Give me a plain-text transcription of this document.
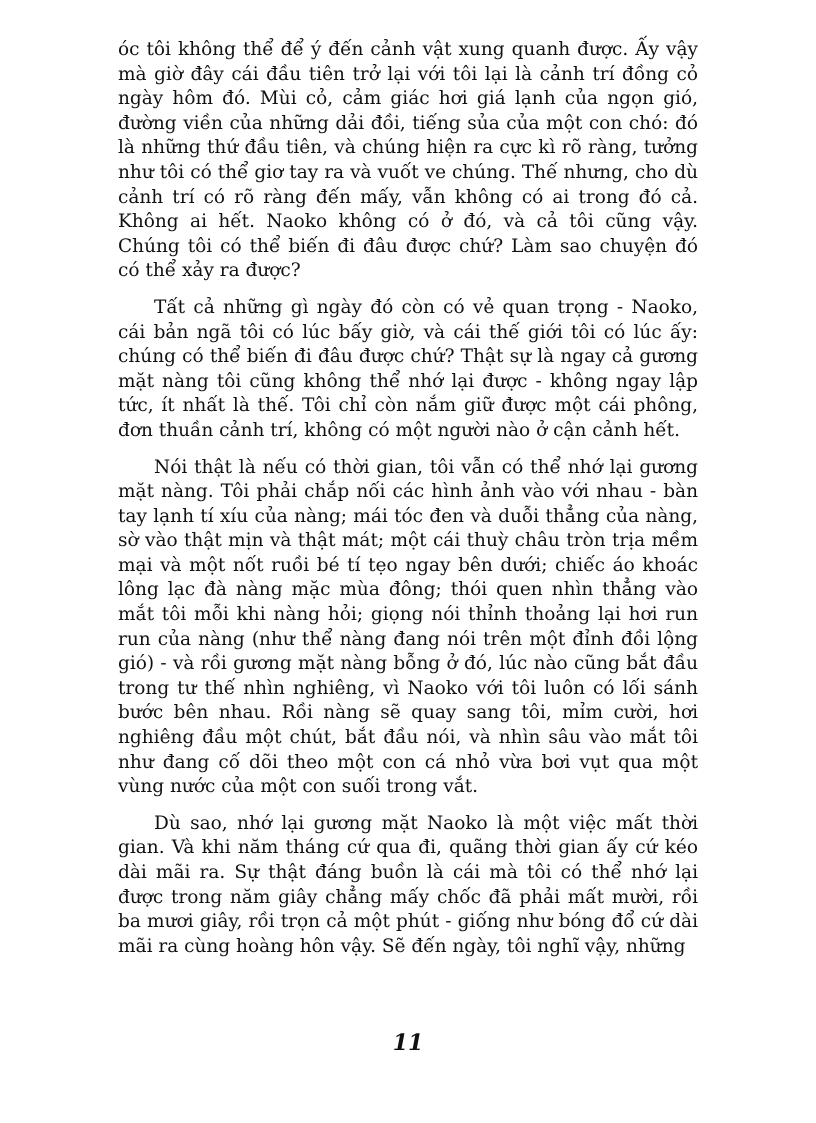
óc tôi không thể để ý đến cảnh vật xung quanh được. Ấy vậy mà giờ đây cái đầu tiên trở lại với tôi lại là cảnh trí đồng cỏ ngày hôm đó. Mùi cỏ, cảm giác hơi giá lạnh của ngọn gió, đường viền của những dải đồi, tiếng sủa của một con chó: đó là những thứ đầu tiên, và chúng hiện ra cực kì rõ ràng, tưởng như tôi có thể giơ tay ra và vuốt ve chúng. Thế nhưng, cho dù cảnh trí có rõ ràng đến mấy, vẫn không có ai trong đó cả. Không ai hết. Naoko không có ở đó, và cả tôi cũng vậy. Chúng tôi có thể biến đi đâu được chứ? Làm sao chuyện đó có thể xảy ra được?

Tất cả những gì ngày đó còn có vẻ quan trọng - Naoko, cái bản ngã tôi có lúc bấy giờ, và cái thế giới tôi có lúc ấy: chúng có thể biến đi đâu được chứ? Thật sự là ngay cả gương mặt nàng tôi cũng không thể nhớ lại được - không ngay lập tức, ít nhất là thế. Tôi chỉ còn nắm giữ được một cái phông, đơn thuần cảnh trí, không có một người nào ở cận cảnh hết.

Nói thật là nếu có thời gian, tôi vẫn có thể nhớ lại gương mặt nàng. Tôi phải chắp nối các hình ảnh vào với nhau - bàn tay lạnh tí xíu của nàng; mái tóc đen và duỗi thẳng của nàng, sờ vào thật mịn và thật mát; một cái thuỳ châu tròn trịa mềm mại và một nốt ruồi bé tí tẹo ngay bên dưới; chiếc áo khoác lông lạc đà nàng mặc mùa đông; thói quen nhìn thẳng vào mắt tôi mỗi khi nàng hỏi; giọng nói thỉnh thoảng lại hơi run run của nàng (như thể nàng đang nói trên một đỉnh đồi lộng gió) - và rồi gương mặt nàng bỗng ở đó, lúc nào cũng bắt đầu trong tư thế nhìn nghiêng, vì Naoko với tôi luôn có lối sánh bước bên nhau. Rồi nàng sẽ quay sang tôi, mỉm cười, hơi nghiêng đầu một chút, bắt đầu nói, và nhìn sâu vào mắt tôi như đang cố dõi theo một con cá nhỏ vừa bơi vụt qua một vùng nước của một con suối trong vắt.

Dù sao, nhớ lại gương mặt Naoko là một việc mất thời gian. Và khi năm tháng cứ qua đi, quãng thời gian ấy cứ kéo dài mãi ra. Sự thật đáng buồn là cái mà tôi có thể nhớ lại được trong năm giây chẳng mấy chốc đã phải mất mười, rồi ba mươi giây, rồi trọn cả một phút - giống như bóng đổ cứ dài mãi ra cùng hoàng hôn vậy. Sẽ đến ngày, tôi nghĩ vậy, những

11
